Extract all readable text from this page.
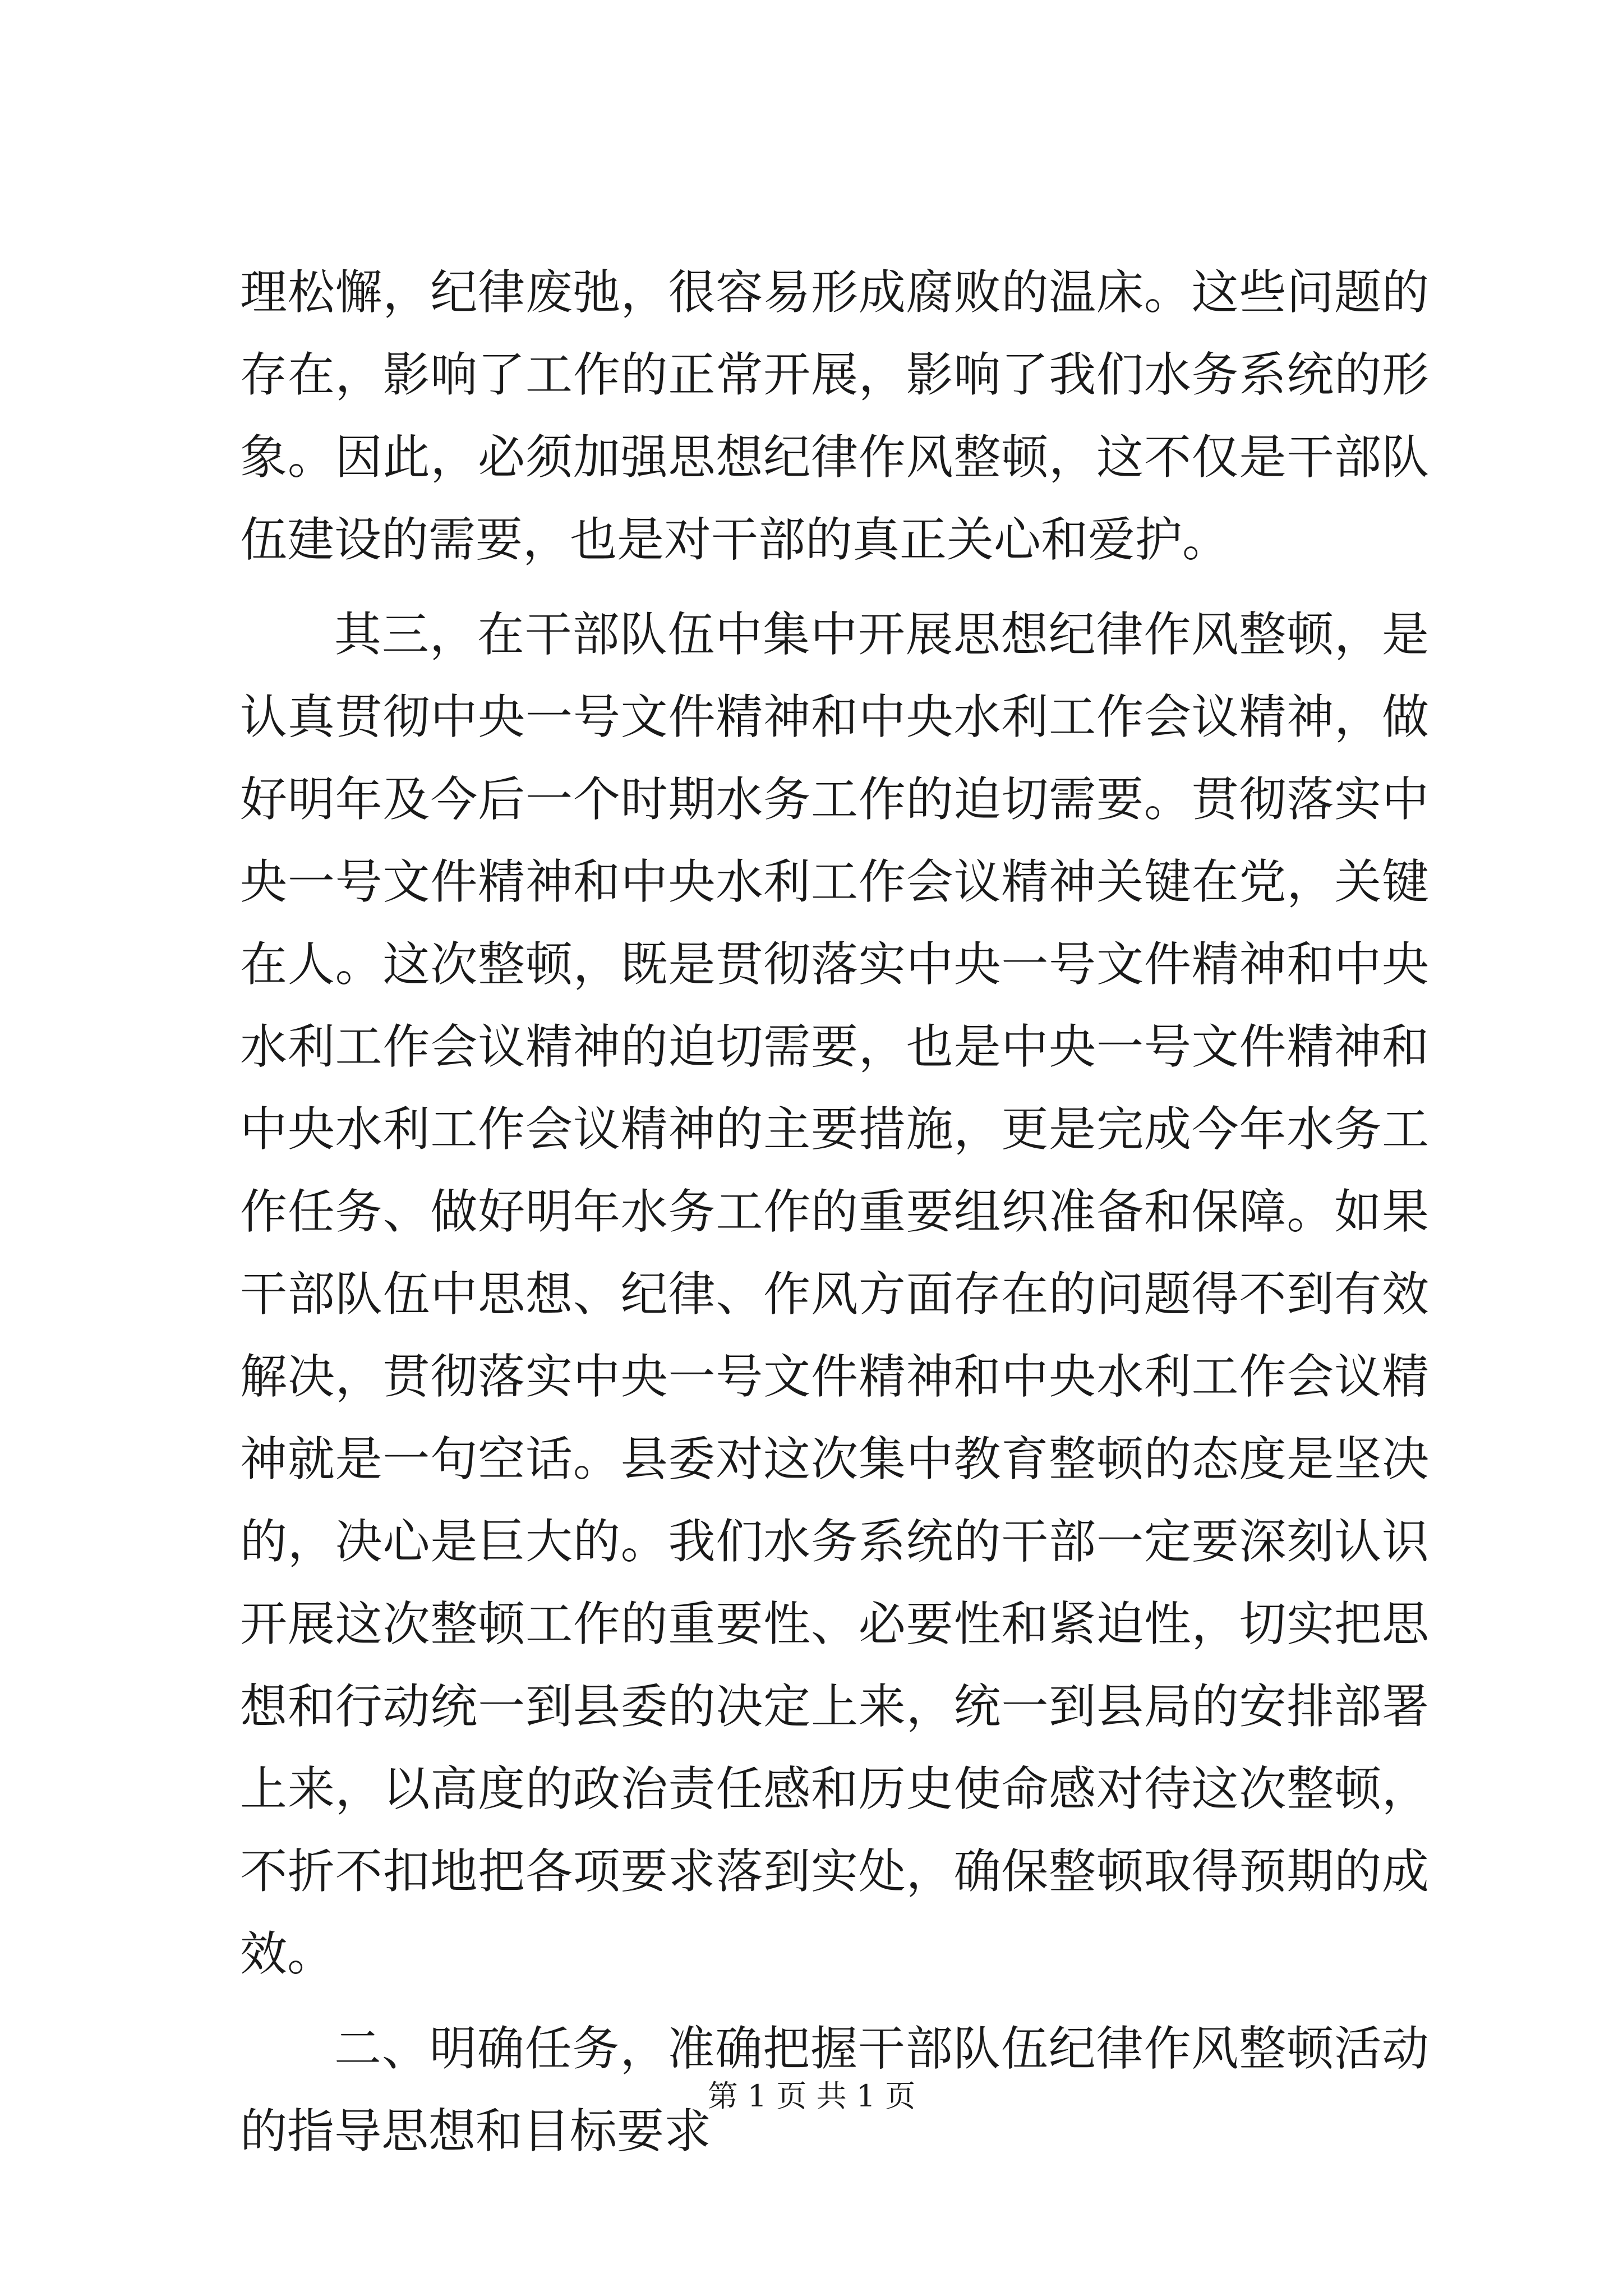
理松懈，纪律废弛，很容易形成腐败的温床。这些问题的存在，影响了工作的正常开展，影响了我们水务系统的形象。因此，必须加强思想纪律作风整顿，这不仅是干部队伍建设的需要，也是对干部的真正关心和爱护。

其三，在干部队伍中集中开展思想纪律作风整顿，是认真贯彻中央一号文件精神和中央水利工作会议精神，做好明年及今后一个时期水务工作的迫切需要。贯彻落实中央一号文件精神和中央水利工作会议精神关键在党，关键在人。这次整顿，既是贯彻落实中央一号文件精神和中央水利工作会议精神的迫切需要，也是中央一号文件精神和中央水利工作会议精神的主要措施，更是完成今年水务工作任务、做好明年水务工作的重要组织准备和保障。如果干部队伍中思想、纪律、作风方面存在的问题得不到有效解决，贯彻落实中央一号文件精神和中央水利工作会议精神就是一句空话。县委对这次集中教育整顿的态度是坚决的，决心是巨大的。我们水务系统的干部一定要深刻认识开展这次整顿工作的重要性、必要性和紧迫性，切实把思想和行动统一到县委的决定上来，统一到县局的安排部署上来，以高度的政治责任感和历史使命感对待这次整顿，不折不扣地把各项要求落到实处，确保整顿取得预期的成效。

二、明确任务，准确把握干部队伍纪律作风整顿活动的指导思想和目标要求

第 1 页 共 1 页
